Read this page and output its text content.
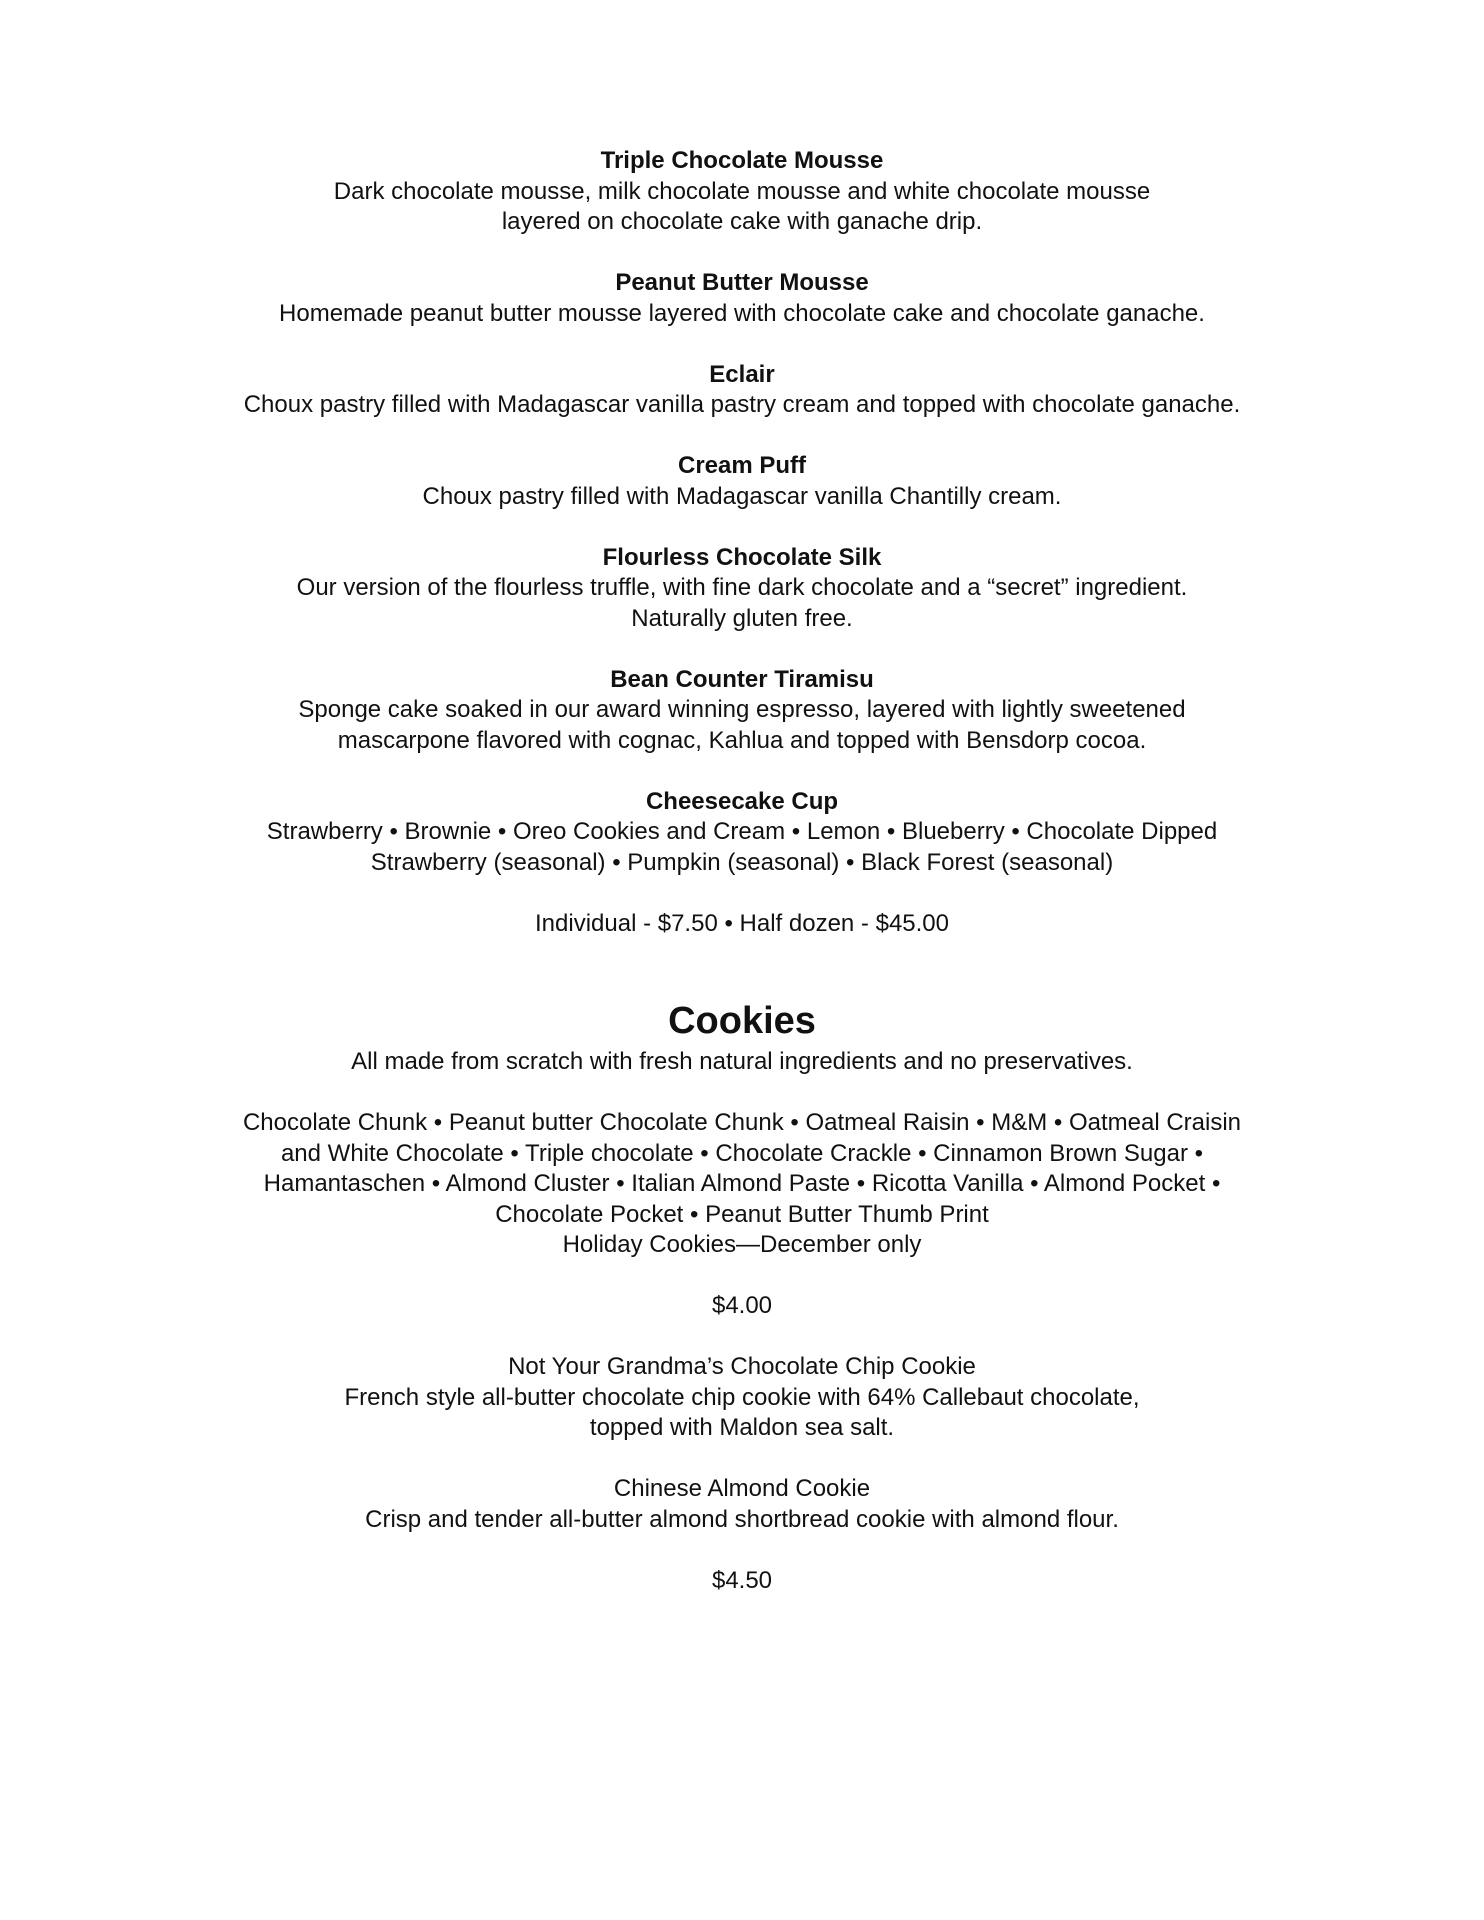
Triple Chocolate Mousse
Dark chocolate mousse, milk chocolate mousse and white chocolate mousse
layered on chocolate cake with ganache drip.
Peanut Butter Mousse
Homemade peanut butter mousse layered with chocolate cake and chocolate ganache.
Eclair
Choux pastry filled with Madagascar vanilla pastry cream and topped with chocolate ganache.
Cream Puff
Choux pastry filled with Madagascar vanilla Chantilly cream.
Flourless Chocolate Silk
Our version of the flourless truffle, with fine dark chocolate and a “secret” ingredient.
Naturally gluten free.
Bean Counter Tiramisu
Sponge cake soaked in our award winning espresso, layered with lightly sweetened
mascarpone flavored with cognac, Kahlua and topped with Bensdorp cocoa.
Cheesecake Cup
Strawberry • Brownie • Oreo Cookies and Cream • Lemon • Blueberry • Chocolate Dipped
Strawberry (seasonal) • Pumpkin (seasonal) • Black Forest (seasonal)
Individual - $7.50 • Half dozen - $45.00
Cookies
All made from scratch with fresh natural ingredients and no preservatives.
Chocolate Chunk • Peanut butter Chocolate Chunk • Oatmeal Raisin • M&M • Oatmeal Craisin
and White Chocolate • Triple chocolate • Chocolate Crackle • Cinnamon Brown Sugar •
Hamantaschen • Almond Cluster • Italian Almond Paste • Ricotta Vanilla • Almond Pocket •
Chocolate Pocket • Peanut Butter Thumb Print
Holiday Cookies—December only
$4.00
Not Your Grandma’s Chocolate Chip Cookie
French style all-butter chocolate chip cookie with 64% Callebaut chocolate,
topped with Maldon sea salt.
Chinese Almond Cookie
Crisp and tender all-butter almond shortbread cookie with almond flour.
$4.50
